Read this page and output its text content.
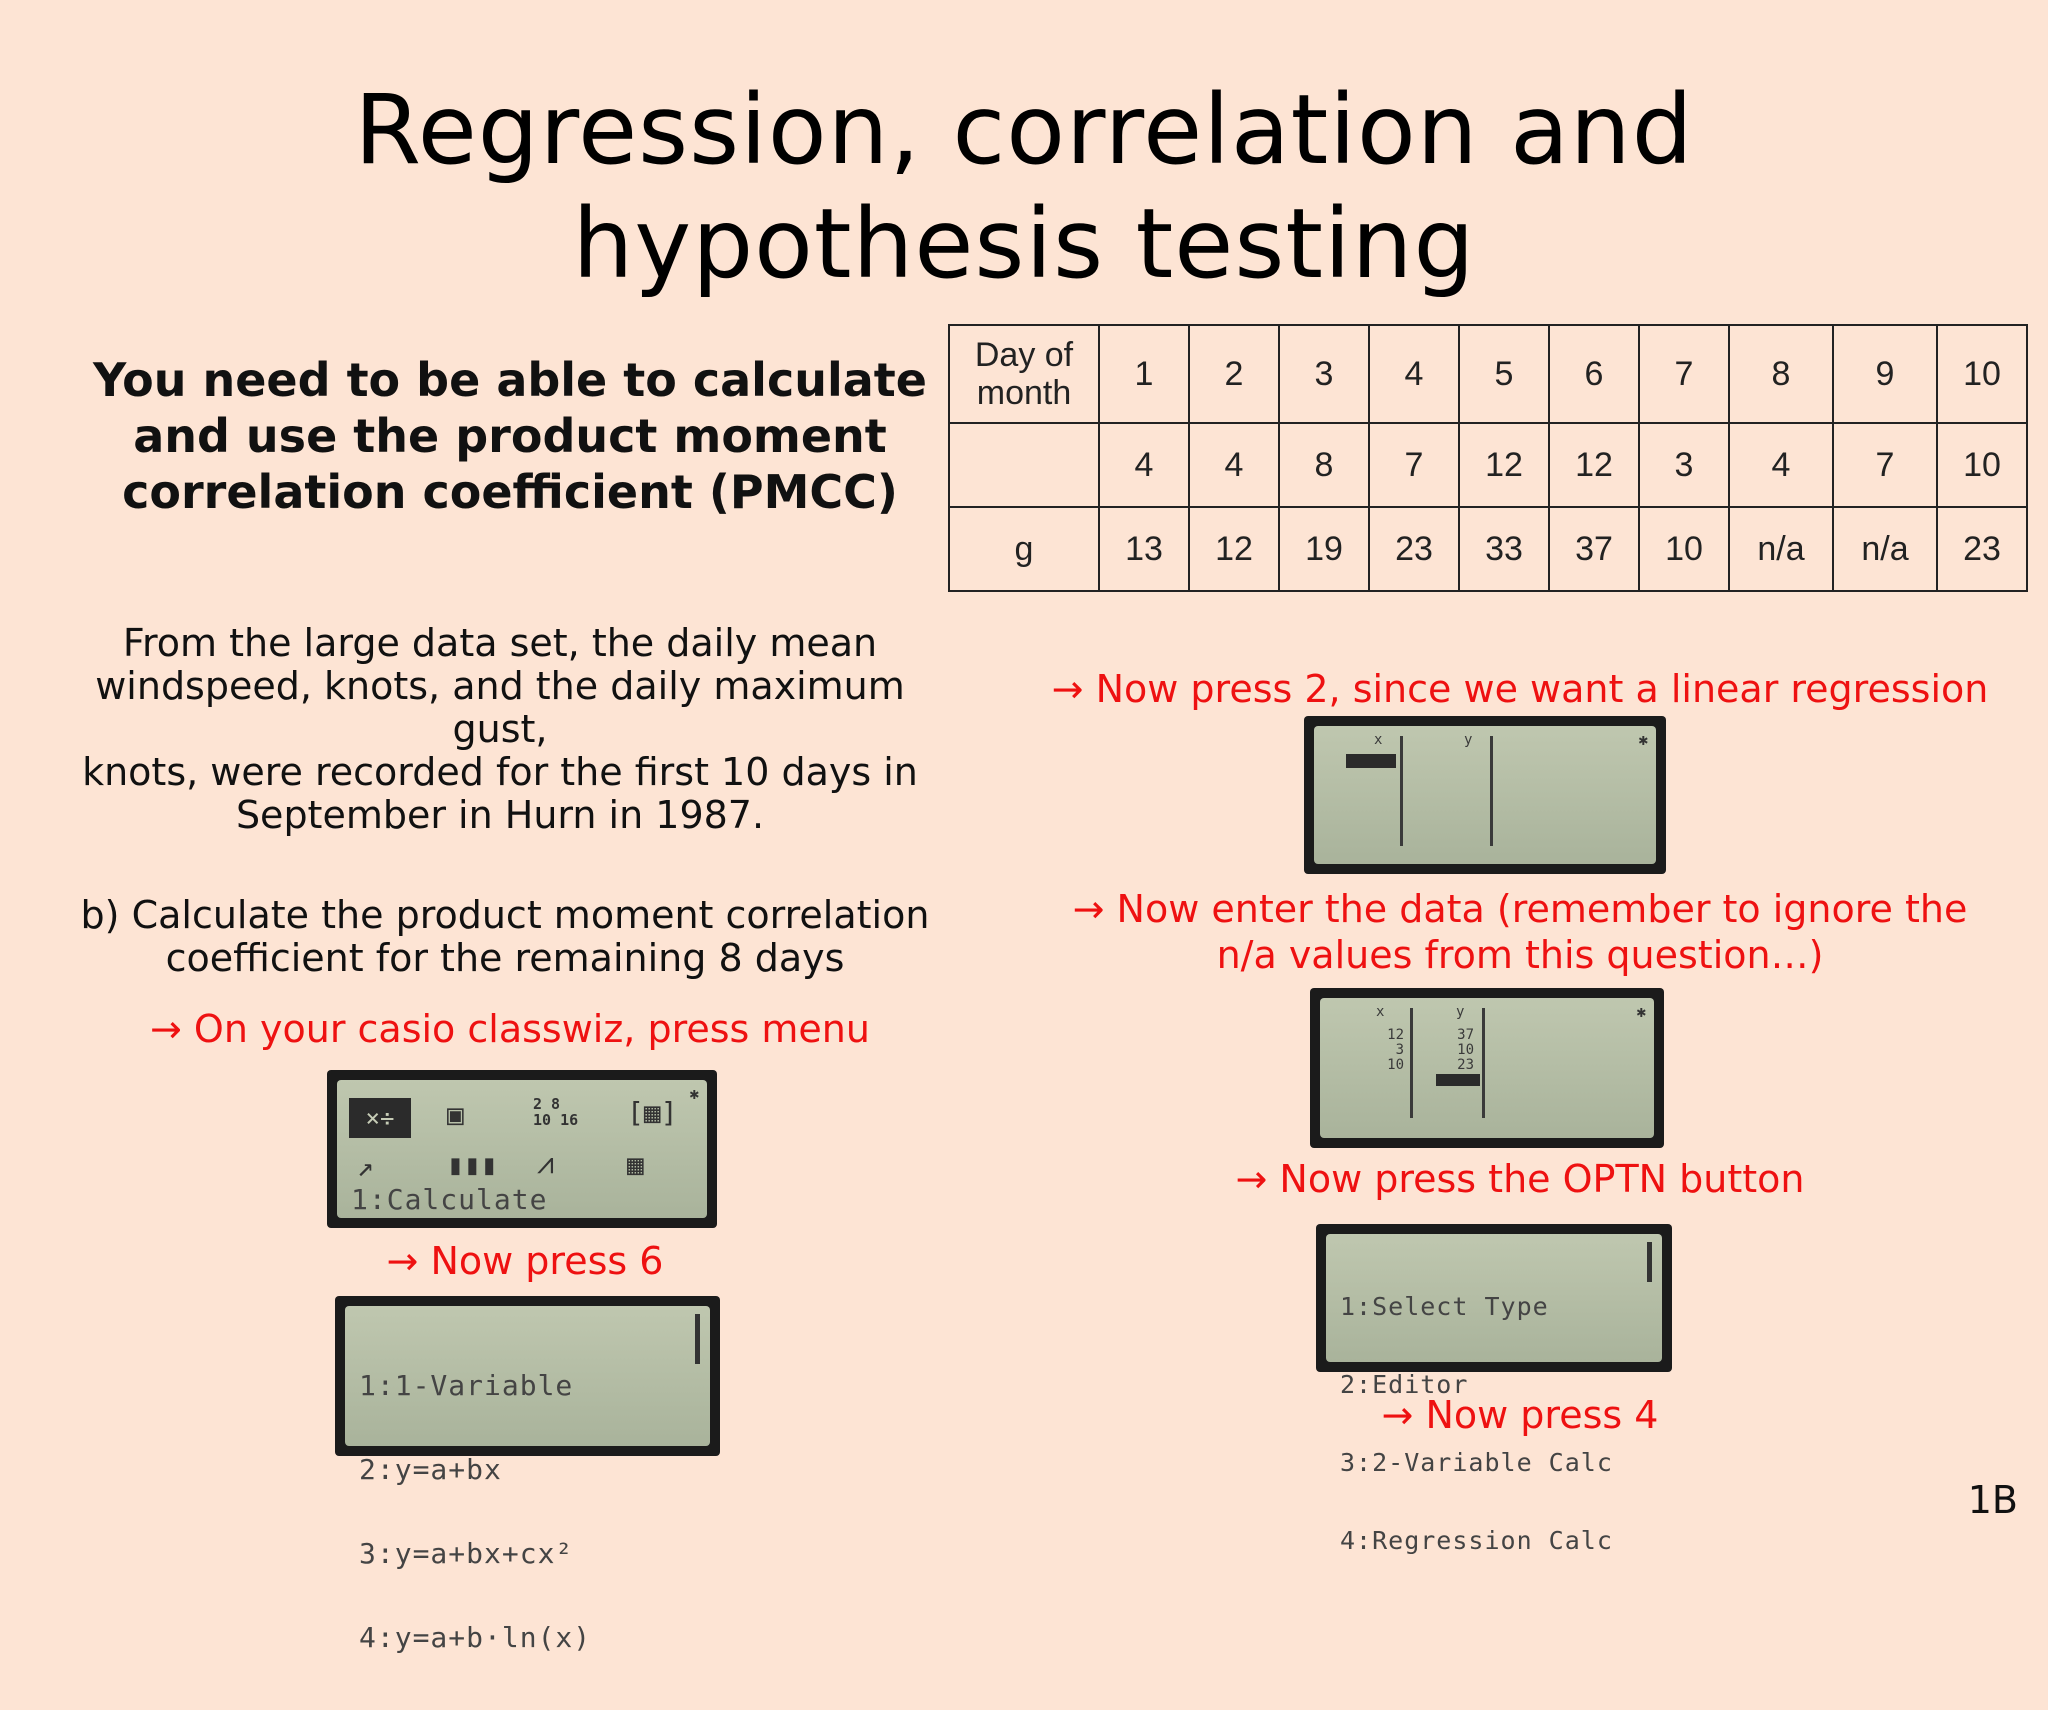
Regression, correlation and
hypothesis testing
You need to be able to calculate
and use the product moment
correlation coefficient (PMCC)
Day of
month	1	2	3	4	5	6	7	8	9	10
	4	4	8	7	12	12	3	4	7	10
g	13	12	19	23	33	37	10	n/a	n/a	23
From the large data set, the daily mean
windspeed, knots, and the daily maximum gust,
knots, were recorded for the first 10 days in
September in Hurn in 1987.
b) Calculate the product moment correlation
coefficient for the remaining 8 days
→ On your casio classwiz, press menu
×÷	▣	2 8
10 16 [▦]
↗	▮▮▮ ⩘	▦
1:Calculate
✱
→ Now press 6

1:1-Variable

2:y=a+bx

3:y=a+bx+cx²

4:y=a+b·ln(x)

→ Now press 2, since we want a linear regression
x	y	✱
→ Now enter the data (remember to ignore the
n/a values from this question…)
x	y
12
3
10
37
10
23
✱
→ Now press the OPTN button

1:Select Type

2:Editor

3:2-Variable Calc

4:Regression Calc

→ Now press 4
1B
